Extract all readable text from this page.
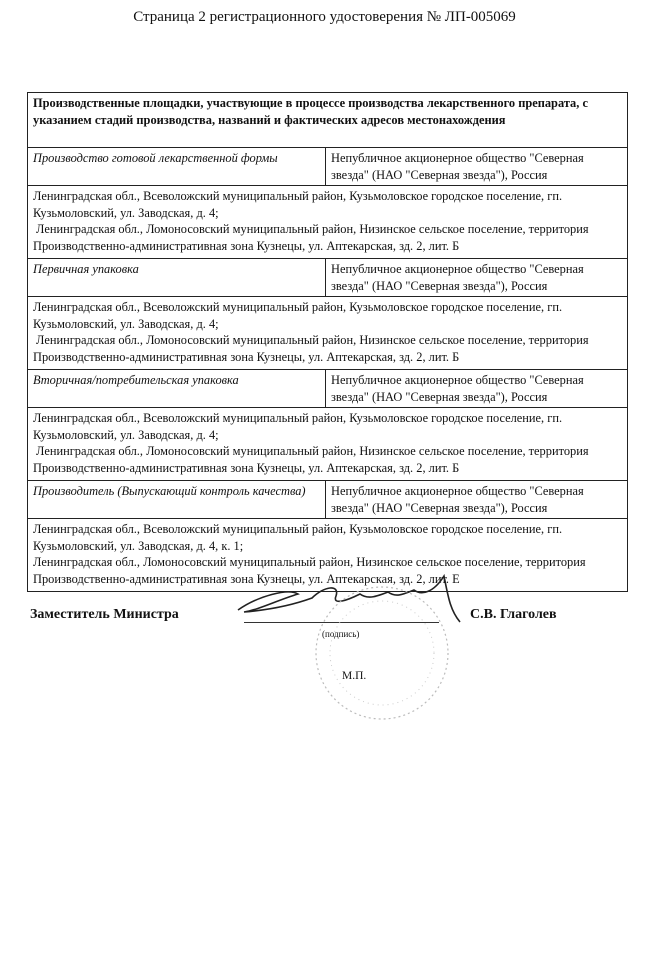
Страница 2 регистрационного удостоверения № ЛП-005069
Производственные площадки, участвующие в процессе производства лекарственного препарата, с указанием стадий производства, названий и фактических адресов местонахождения	
Производство готовой лекарственной формы	Непубличное акционерное общество "Северная звезда" (НАО "Северная звезда"), Россия

Ленинградская обл., Всеволожский муниципальный район, Кузьмоловское городское поселение, гп. Кузьмоловский, ул. Заводская, д. 4;
Ленинградская обл., Ломоносовский муниципальный район, Низинское сельское поселение, территория Производственно-административная зона Кузнецы, ул. Аптекарская, зд. 2, лит. Б	

Первичная упаковка	Непубличное акционерное общество "Северная звезда" (НАО "Северная звезда"), Россия

Ленинградская обл., Всеволожский муниципальный район, Кузьмоловское городское поселение, гп. Кузьмоловский, ул. Заводская, д. 4;
Ленинградская обл., Ломоносовский муниципальный район, Низинское сельское поселение, территория Производственно-административная зона Кузнецы, ул. Аптекарская, зд. 2, лит. Б	

Вторичная/потребительская упаковка	Непубличное акционерное общество "Северная звезда" (НАО "Северная звезда"), Россия

Ленинградская обл., Всеволожский муниципальный район, Кузьмоловское городское поселение, гп. Кузьмоловский, ул. Заводская, д. 4;
Ленинградская обл., Ломоносовский муниципальный район, Низинское сельское поселение, территория Производственно-административная зона Кузнецы, ул. Аптекарская, зд. 2, лит. Б	

Производитель (Выпускающий контроль качества)	Непубличное акционерное общество "Северная звезда" (НАО "Северная звезда"), Россия

Ленинградская обл., Всеволожский муниципальный район, Кузьмоловское городское поселение, гп. Кузьмоловский, ул. Заводская, д. 4, к. 1;
Ленинградская обл., Ломоносовский муниципальный район, Низинское сельское поселение, территория Производственно-административная зона Кузнецы, ул. Аптекарская, зд. 2, лит. Е	
Заместитель Министра	С.В. Глаголев
(подпись)
М.П.
